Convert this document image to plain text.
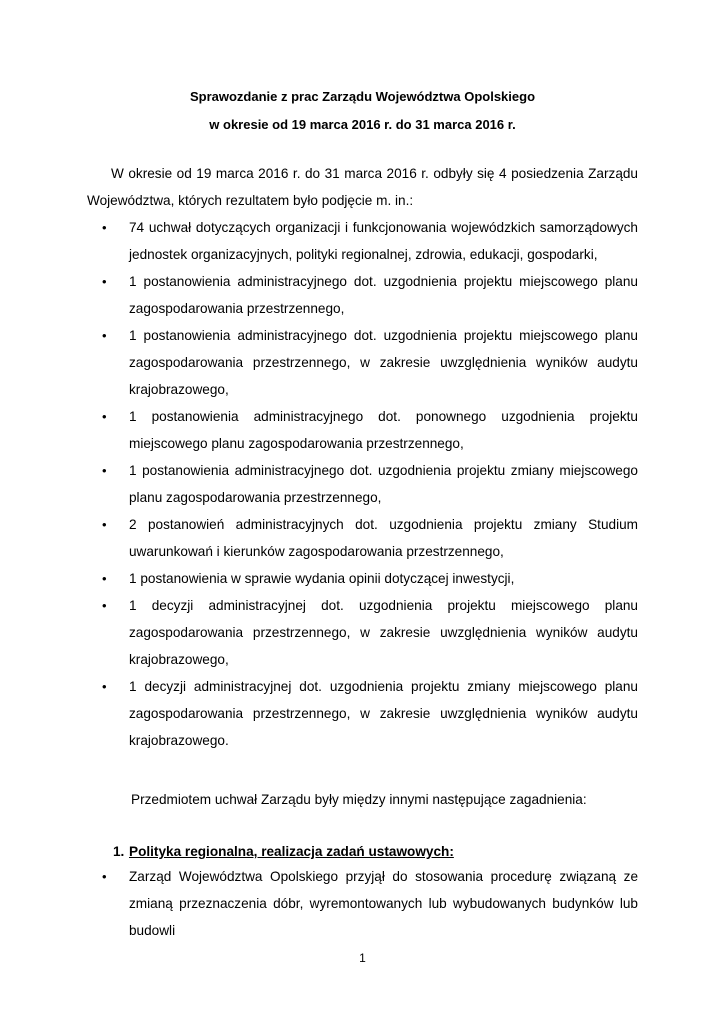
Sprawozdanie z prac Zarządu Województwa Opolskiego

w okresie od 19 marca 2016 r. do 31 marca 2016 r.

W okresie od 19 marca 2016 r. do 31 marca 2016 r. odbyły się 4 posiedzenia Zarządu Województwa, których rezultatem było podjęcie m. in.:

• 74 uchwał dotyczących organizacji i funkcjonowania wojewódzkich samorządowych jednostek organizacyjnych, polityki regionalnej, zdrowia, edukacji, gospodarki,
• 1 postanowienia administracyjnego dot. uzgodnienia projektu miejscowego planu zagospodarowania przestrzennego,
• 1 postanowienia administracyjnego dot. uzgodnienia projektu miejscowego planu zagospodarowania przestrzennego, w zakresie uwzględnienia wyników audytu krajobrazowego,
• 1 postanowienia administracyjnego dot. ponownego uzgodnienia projektu miejscowego planu zagospodarowania przestrzennego,
• 1 postanowienia administracyjnego dot. uzgodnienia projektu zmiany miejscowego planu zagospodarowania przestrzennego,
• 2 postanowień administracyjnych dot. uzgodnienia projektu zmiany Studium uwarunkowań i kierunków zagospodarowania przestrzennego,
• 1 postanowienia w sprawie wydania opinii dotyczącej inwestycji,
• 1 decyzji administracyjnej dot. uzgodnienia projektu miejscowego planu zagospodarowania przestrzennego, w zakresie uwzględnienia wyników audytu krajobrazowego,
• 1 decyzji administracyjnej dot. uzgodnienia projektu zmiany miejscowego planu zagospodarowania przestrzennego, w zakresie uwzględnienia wyników audytu krajobrazowego.

Przedmiotem uchwał Zarządu były między innymi następujące zagadnienia:

1. Polityka regionalna, realizacja zadań ustawowych:

• Zarząd Województwa Opolskiego przyjął do stosowania procedurę związaną ze zmianą przeznaczenia dóbr, wyremontowanych lub wybudowanych budynków lub budowli

1
